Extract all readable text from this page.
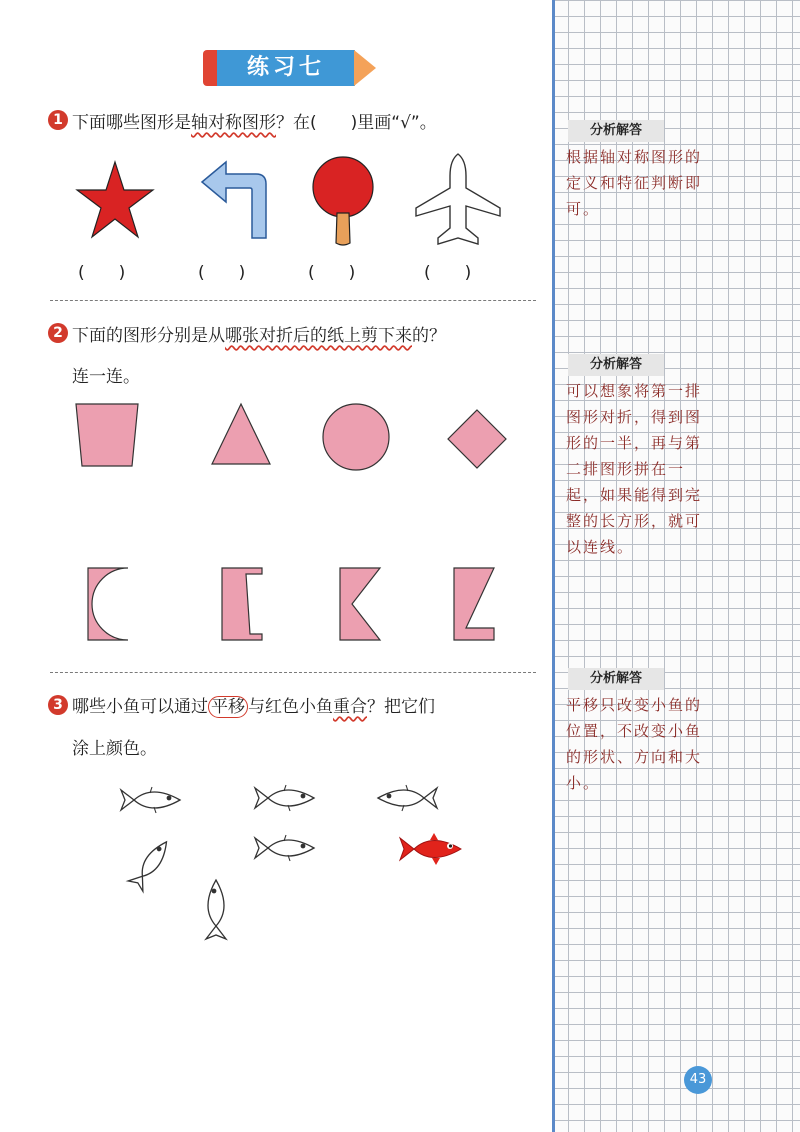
练习七
1 下面哪些图形是轴对称图形？在(　　)里画“√”。
(　　)	(　　)	(　　)	(　　)
2 下面的图形分别是从哪张对折后的纸上剪下来的？
连一连。
3 哪些小鱼可以通过 平移 与红色小鱼重合？把它们
涂上颜色。
分析解答
根据轴对称图形的定义和特征判断即可。
分析解答
可以想象将第一排图形对折，得到图形的一半，再与第二排图形拼在一起，如果能得到完整的长方形，就可以连线。
分析解答
平移只改变小鱼的位置，不改变小鱼的形状、方向和大小。
43
